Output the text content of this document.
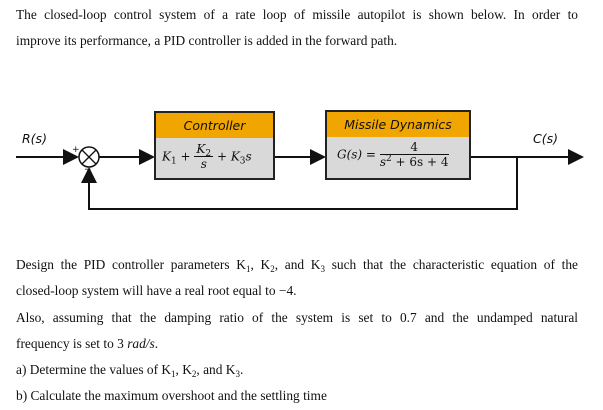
The closed-loop control system of a rate loop of missile autopilot is shown below. In order to
improve its performance, a PID controller is added in the forward path.
R(s)	C(s)
+
−
Controller
$K_1 + \frac{K_2}{s} + K_3s$
Missile Dynamics
$G(s) = \frac{4}{s^2 + 6s + 4}$
Design the PID controller parameters $K_1$, $K_2$, and $K_3$ such that the characteristic equation of the
closed-loop system will have a real root equal to −4.
Also, assuming that the damping ratio of the system is set to 0.7 and the undamped natural
frequency is set to 3 rad/s.
a) Determine the values of $K_1$, $K_2$, and $K_3$.
b) Calculate the maximum overshoot and the settling time
